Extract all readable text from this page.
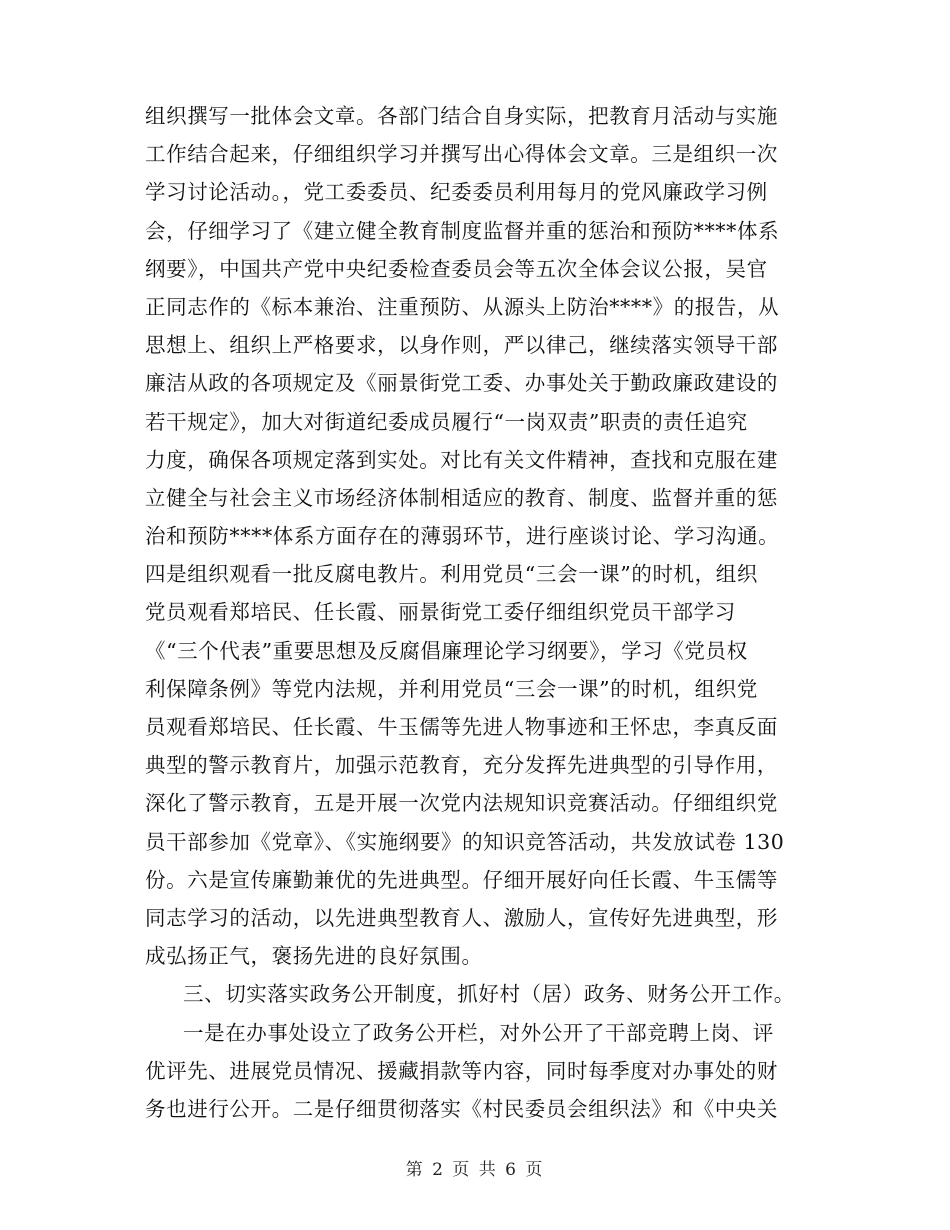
组织撰写一批体会文章。各部门结合自身实际，把教育月活动与实施
工作结合起来，仔细组织学习并撰写出心得体会文章。三是组织一次
学习讨论活动。，党工委委员、纪委委员利用每月的党风廉政学习例
会，仔细学习了《建立健全教育制度监督并重的惩治和预防****体系
纲要》，中国共产党中央纪委检查委员会等五次全体会议公报，吴官
正同志作的《标本兼治、注重预防、从源头上防治****》的报告，从
思想上、组织上严格要求，以身作则，严以律己，继续落实领导干部
廉洁从政的各项规定及《丽景街党工委、办事处关于勤政廉政建设的
若干规定》，加大对街道纪委成员履行“一岗双责”职责的责任追究
力度，确保各项规定落到实处。对比有关文件精神，查找和克服在建
立健全与社会主义市场经济体制相适应的教育、制度、监督并重的惩
治和预防****体系方面存在的薄弱环节，进行座谈讨论、学习沟通。
四是组织观看一批反腐电教片。利用党员“三会一课”的时机，组织
党员观看郑培民、任长霞、丽景街党工委仔细组织党员干部学习
《“三个代表”重要思想及反腐倡廉理论学习纲要》，学习《党员权
利保障条例》等党内法规，并利用党员“三会一课”的时机，组织党
员观看郑培民、任长霞、牛玉儒等先进人物事迹和王怀忠，李真反面
典型的警示教育片，加强示范教育，充分发挥先进典型的引导作用，
深化了警示教育，五是开展一次党内法规知识竞赛活动。仔细组织党
员干部参加《党章》、《实施纲要》的知识竞答活动，共发放试卷 130
份。六是宣传廉勤兼优的先进典型。仔细开展好向任长霞、牛玉儒等
同志学习的活动，以先进典型教育人、激励人，宣传好先进典型，形
成弘扬正气，褒扬先进的良好氛围。
三、切实落实政务公开制度，抓好村（居）政务、财务公开工作。
一是在办事处设立了政务公开栏，对外公开了干部竞聘上岗、评
优评先、进展党员情况、援藏捐款等内容，同时每季度对办事处的财
务也进行公开。二是仔细贯彻落实《村民委员会组织法》和《中央关
第 2 页 共 6 页
